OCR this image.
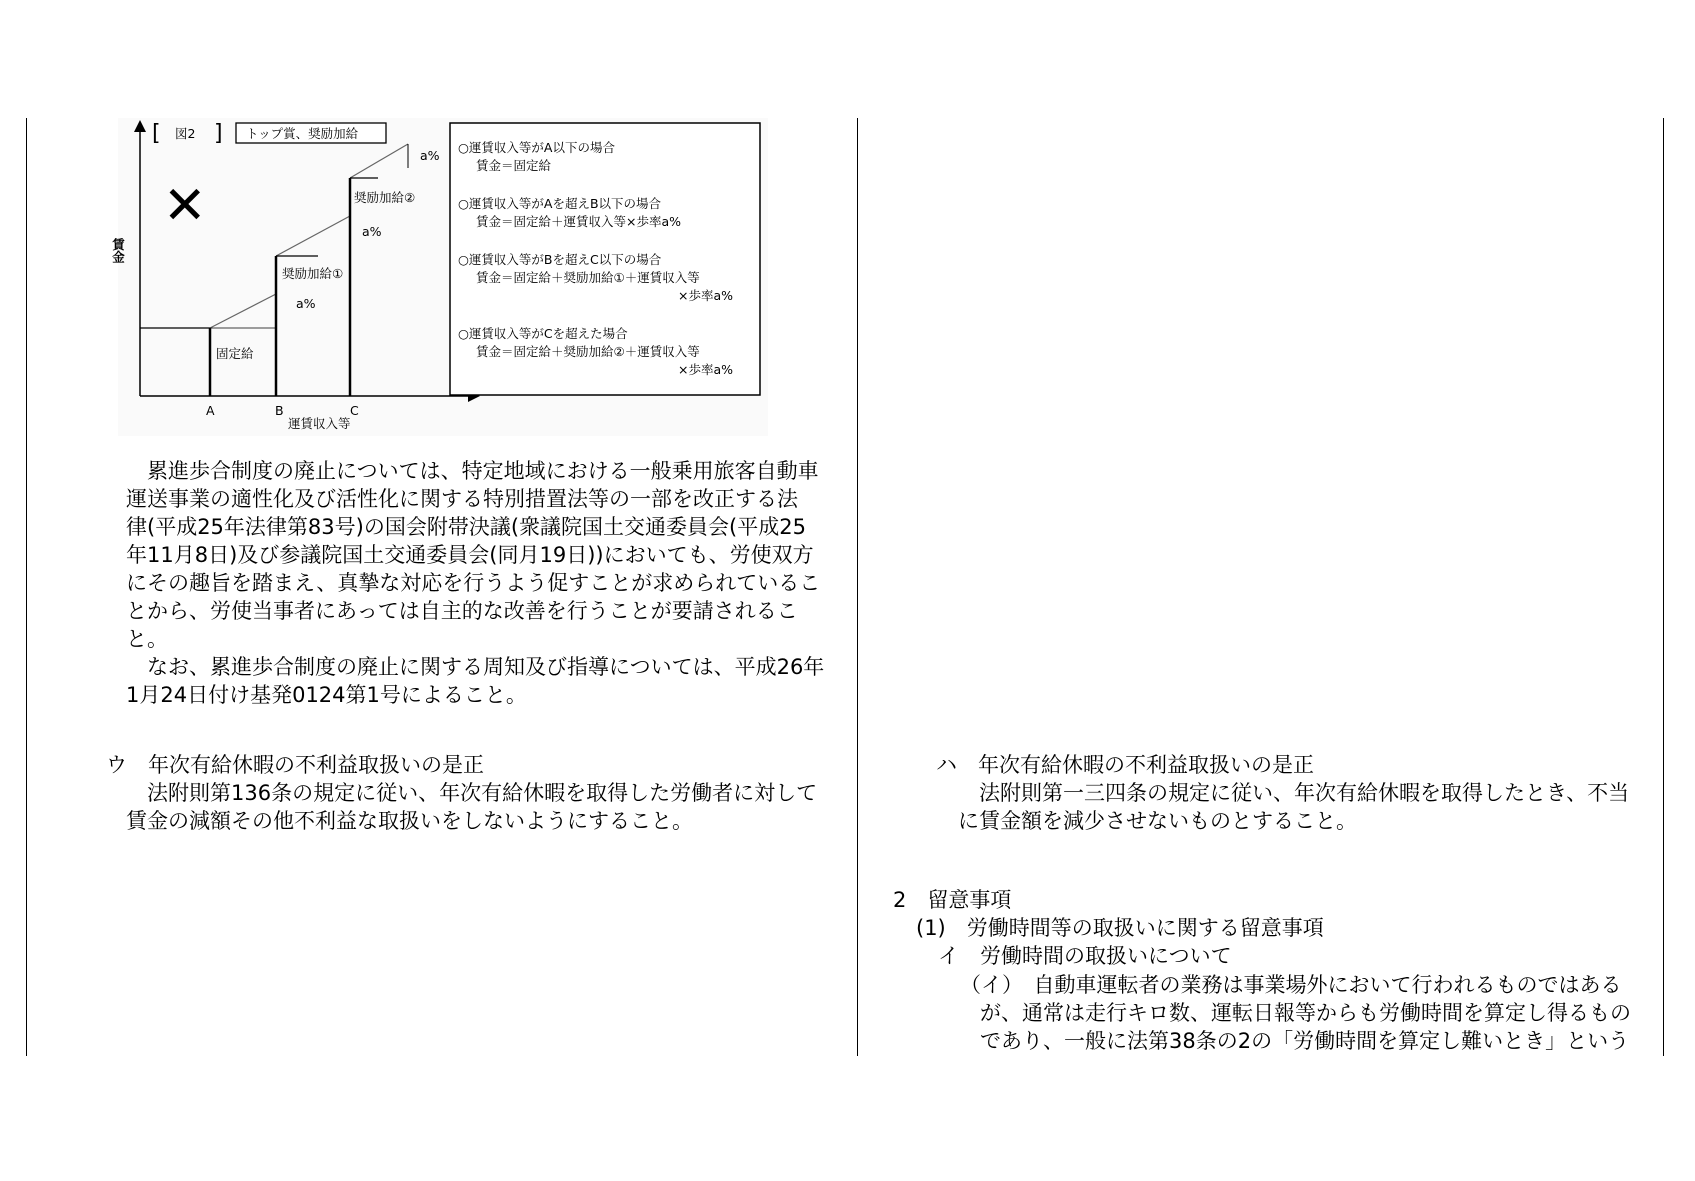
賃金
運賃収入等
A	B	C
[ 図2 ] トップ賞、奨励加給
✕
固定給
a%
奨励加給①
a%
奨励加給②
a%
○運賃収入等がA以下の場合
賃金＝固定給
○運賃収入等がAを超えB以下の場合
賃金＝固定給＋運賃収入等×歩率a%
○運賃収入等がBを超えC以下の場合
賃金＝固定給＋奨励加給①＋運賃収入等
×歩率a%
○運賃収入等がCを超えた場合
賃金＝固定給＋奨励加給②＋運賃収入等
×歩率a%
　累進歩合制度の廃止については、特定地域における一般乗用旅客自動車
運送事業の適性化及び活性化に関する特別措置法等の一部を改正する法
律(平成25年法律第83号)の国会附帯決議(衆議院国土交通委員会(平成25
年11月8日)及び参議院国土交通委員会(同月19日))においても、労使双方
にその趣旨を踏まえ、真摯な対応を行うよう促すことが求められているこ
とから、労使当事者にあっては自主的な改善を行うことが要請されるこ
と。
　なお、累進歩合制度の廃止に関する周知及び指導については、平成26年
1月24日付け基発0124第1号によること。
ウ　年次有給休暇の不利益取扱いの是正
　法附則第136条の規定に従い、年次有給休暇を取得した労働者に対して
賃金の減額その他不利益な取扱いをしないようにすること。
ハ　年次有給休暇の不利益取扱いの是正
　法附則第一三四条の規定に従い、年次有給休暇を取得したとき、不当
に賃金額を減少させないものとすること。
2　留意事項
(1)　労働時間等の取扱いに関する留意事項
イ　労働時間の取扱いについて
（イ）　自動車運転者の業務は事業場外において行われるものではある
が、通常は走行キロ数、運転日報等からも労働時間を算定し得るもの
であり、一般に法第38条の2の「労働時間を算定し難いとき」という
